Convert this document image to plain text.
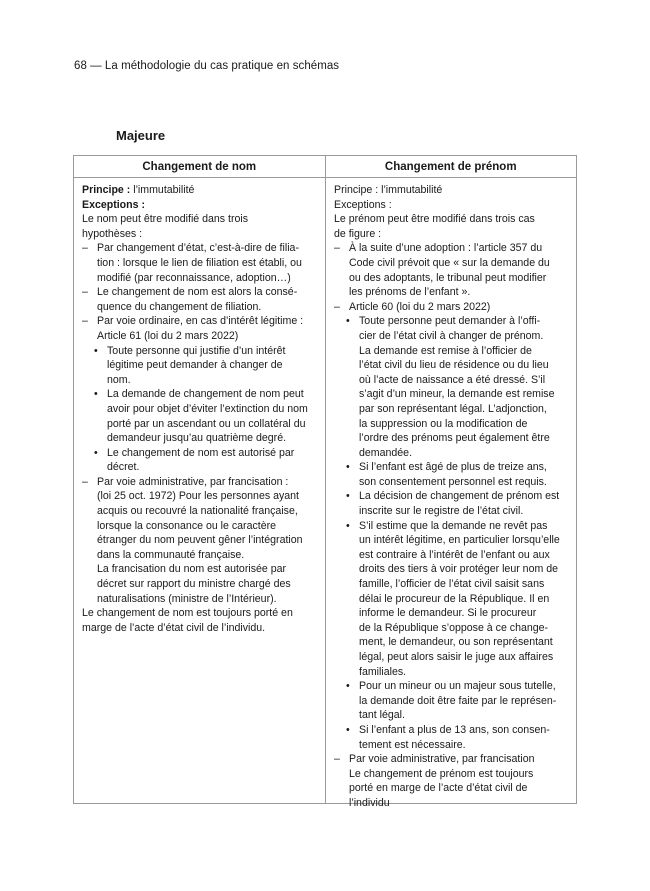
68 — La méthodologie du cas pratique en schémas
Majeure
Changement de nom	Changement de prénom
Principe : l’immutabilité
Exceptions :
Le nom peut être modifié dans trois
hypothèses :
– Par changement d’état, c’est-à-dire de filia-
tion : lorsque le lien de filiation est établi, ou
modifié (par reconnaissance, adoption…)
– Le changement de nom est alors la consé-
quence du changement de filiation.
– Par voie ordinaire, en cas d’intérêt légitime :
Article 61 (loi du 2 mars 2022)
• Toute personne qui justifie d’un intérêt
légitime peut demander à changer de
nom.
• La demande de changement de nom peut
avoir pour objet d’éviter l’extinction du nom
porté par un ascendant ou un collatéral du
demandeur jusqu’au quatrième degré.
• Le changement de nom est autorisé par
décret.
– Par voie administrative, par francisation :
(loi 25 oct. 1972) Pour les personnes ayant
acquis ou recouvré la nationalité française,
lorsque la consonance ou le caractère
étranger du nom peuvent gêner l’intégration
dans la communauté française.
La francisation du nom est autorisée par
décret sur rapport du ministre chargé des
naturalisations (ministre de l’Intérieur).
Le changement de nom est toujours porté en
marge de l’acte d’état civil de l’individu.
Principe : l’immutabilité
Exceptions :
Le prénom peut être modifié dans trois cas
de figure :
– À la suite d’une adoption : l’article 357 du
Code civil prévoit que « sur la demande du
ou des adoptants, le tribunal peut modifier
les prénoms de l’enfant ».
– Article 60 (loi du 2 mars 2022)
• Toute personne peut demander à l’offi-
cier de l’état civil à changer de prénom.
La demande est remise à l’officier de
l’état civil du lieu de résidence ou du lieu
où l’acte de naissance a été dressé. S’il
s’agit d’un mineur, la demande est remise
par son représentant légal. L’adjonction,
la suppression ou la modification de
l’ordre des prénoms peut également être
demandée.
• Si l’enfant est âgé de plus de treize ans,
son consentement personnel est requis.
• La décision de changement de prénom est
inscrite sur le registre de l’état civil.
• S’il estime que la demande ne revêt pas
un intérêt légitime, en particulier lorsqu’elle
est contraire à l’intérêt de l’enfant ou aux
droits des tiers à voir protéger leur nom de
famille, l’officier de l’état civil saisit sans
délai le procureur de la République. Il en
informe le demandeur. Si le procureur
de la République s’oppose à ce change-
ment, le demandeur, ou son représentant
légal, peut alors saisir le juge aux affaires
familiales.
• Pour un mineur ou un majeur sous tutelle,
la demande doit être faite par le représen-
tant légal.
• Si l’enfant a plus de 13 ans, son consen-
tement est nécessaire.
– Par voie administrative, par francisation
Le changement de prénom est toujours
porté en marge de l’acte d’état civil de
l’individu
